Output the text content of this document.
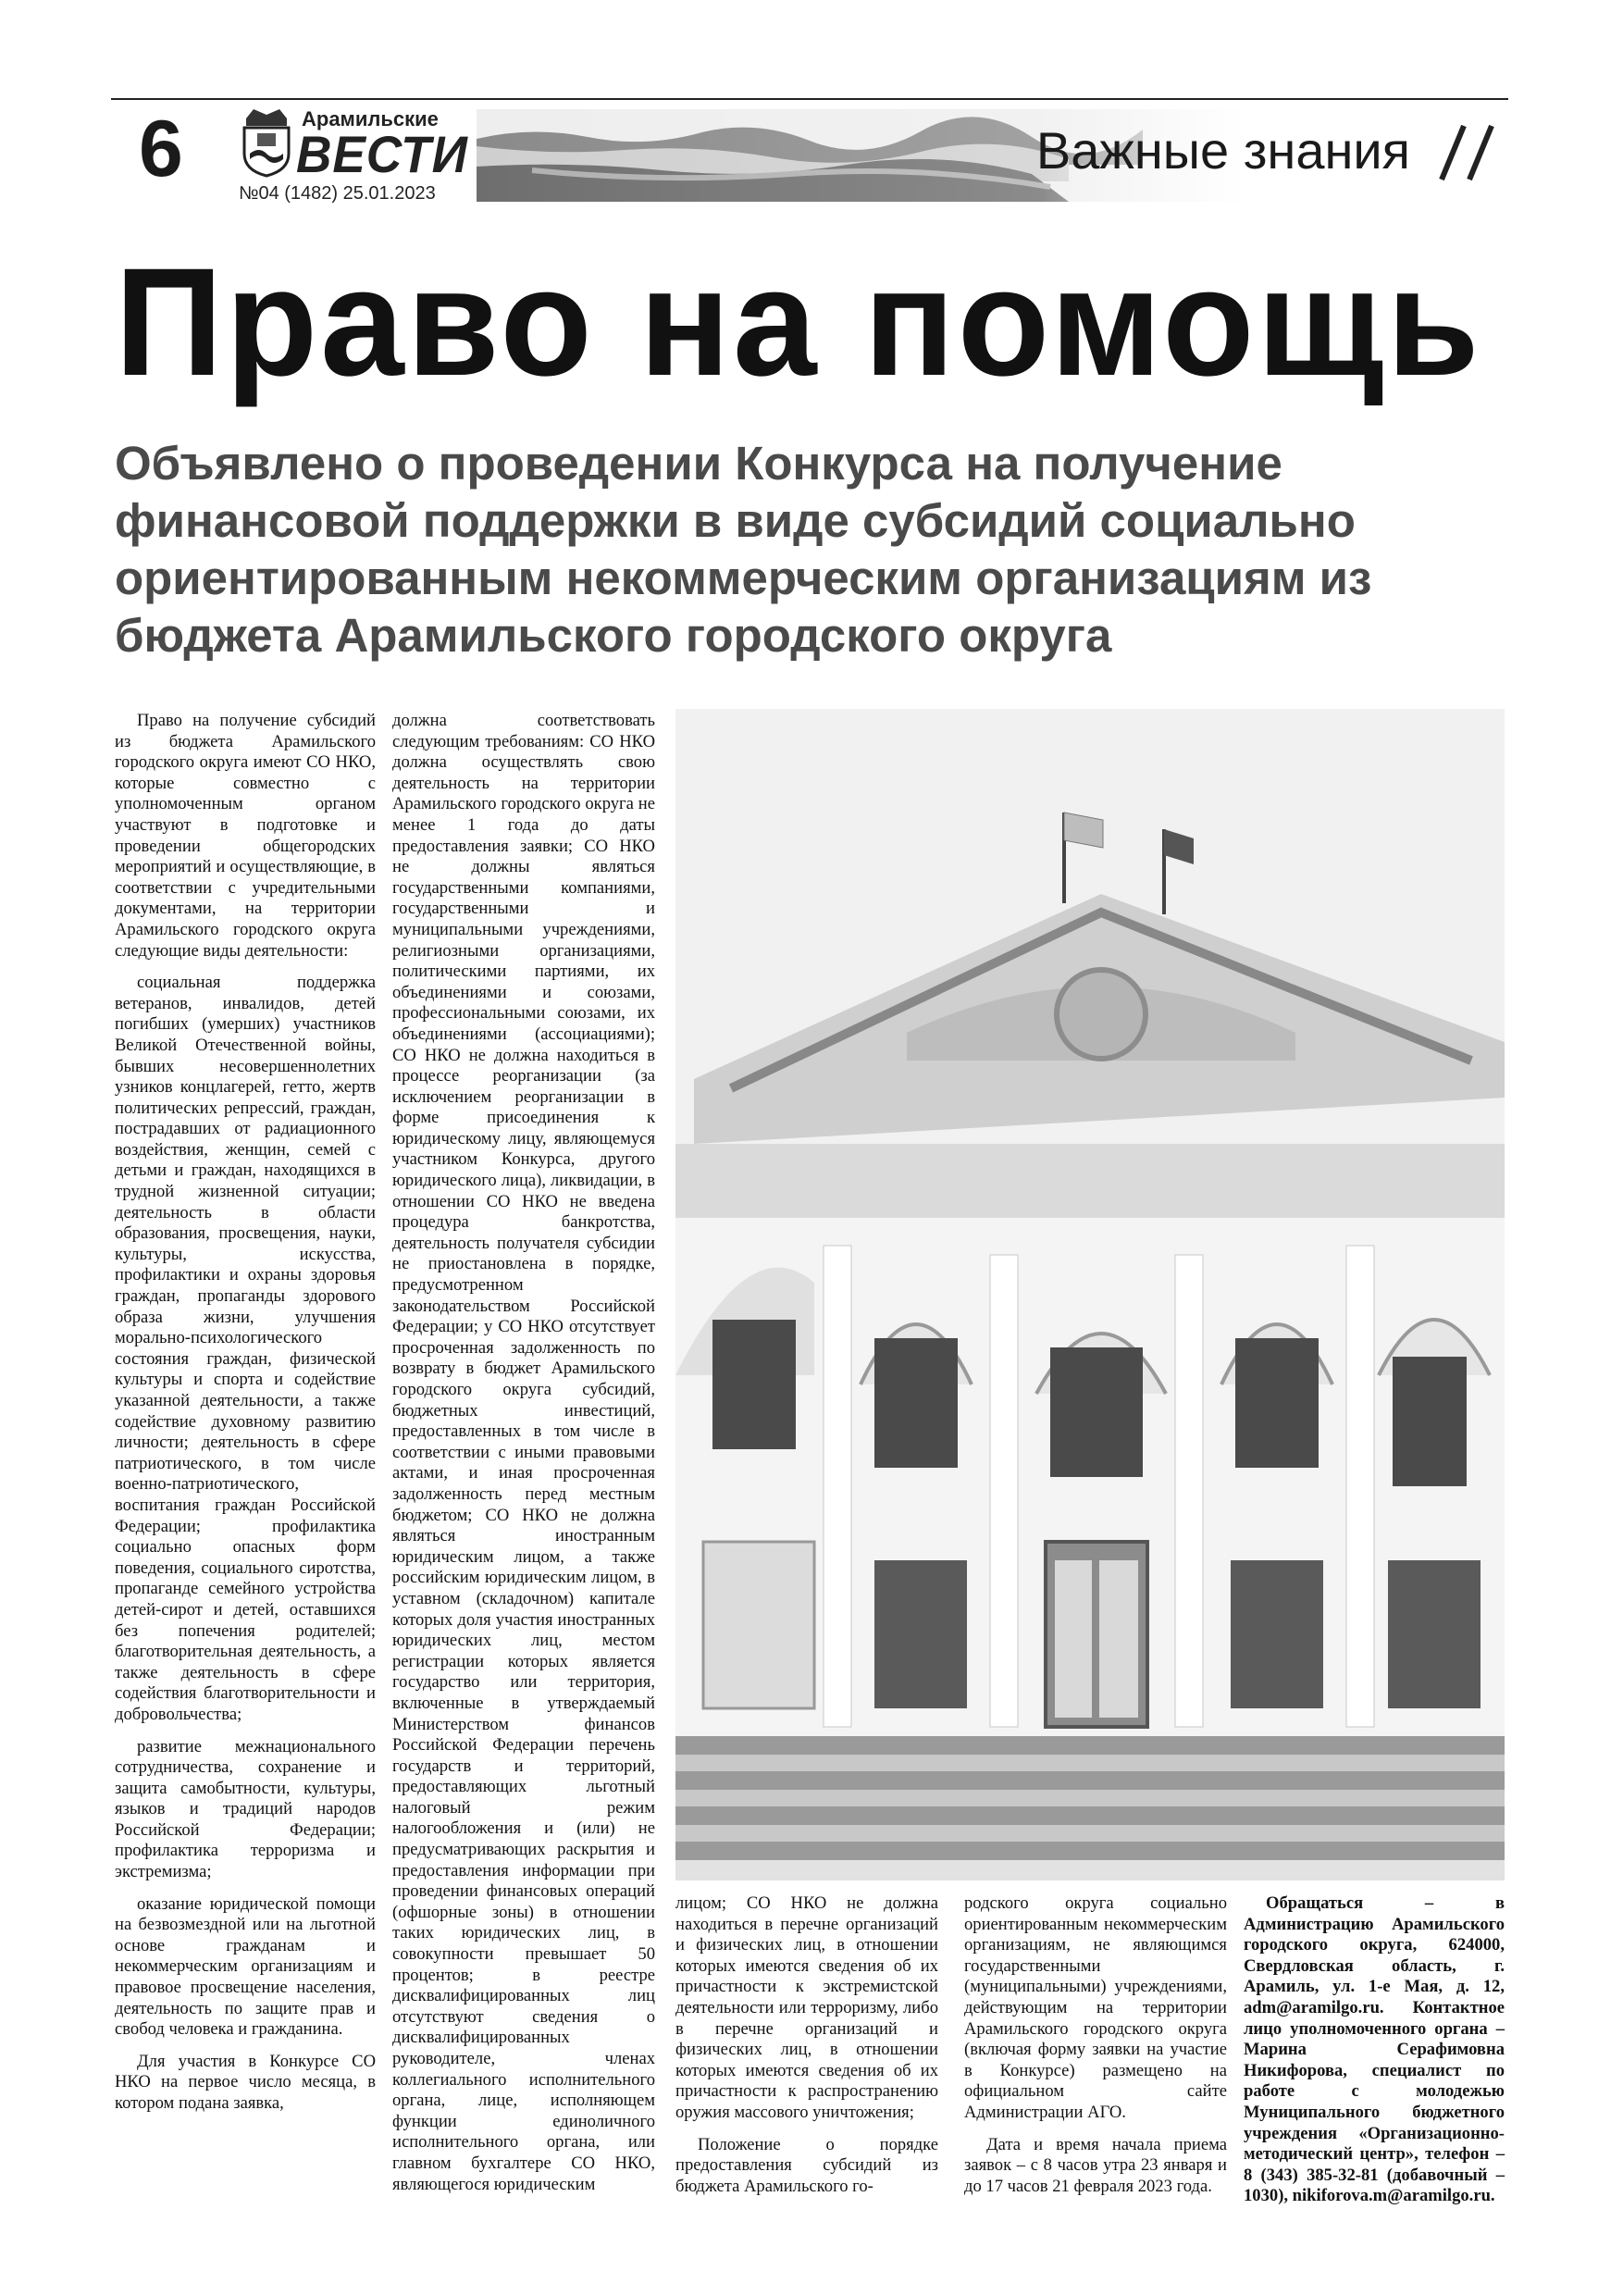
6	Арамильские
ВЕСТИ
№04 (1482) 25.01.2023
Важные знания
Право на помощь
Объявлено о проведении Конкурса на получение финансовой поддержки в виде субсидий социально ориентированным некоммерческим организациям из бюджета Арамильского городского округа

Право на получение субсидий из бюджета Арамильского городского округа имеют СО НКО, которые совместно с уполномоченным органом участвуют в подготовке и проведении общегородских мероприятий и осуществляющие, в соответствии с учредительными документами, на территории Арамильского городского округа следующие виды деятельности:

социальная поддержка ветеранов, инвалидов, детей погибших (умерших) участников Великой Отечественной войны, бывших несовершеннолетних узников концлагерей, гетто, жертв политических репрессий, граждан, пострадавших от радиационного воздействия, женщин, семей с детьми и граждан, находящихся в трудной жизненной ситуации; деятельность в области образования, просвещения, науки, культуры, искусства, профилактики и охраны здоровья граждан, пропаганды здорового образа жизни, улучшения морально-психологического состояния граждан, физической культуры и спорта и содействие указанной деятельности, а также содействие духовному развитию личности; деятельность в сфере патриотического, в том числе военно-патриотического, воспитания граждан Российской Федерации; профилактика социально опасных форм поведения, социального сиротства, пропаганде семейного устройства детей-сирот и детей, оставшихся без попечения родителей; благотворительная деятельность, а также деятельность в сфере содействия благотворительности и добровольчества;

развитие межнационального сотрудничества, сохранение и защита самобытности, культуры, языков и традиций народов Российской Федерации; профилактика терроризма и экстремизма;

оказание юридической помощи на безвозмездной или на льготной основе гражданам и некоммерческим организациям и правовое просвещение населения, деятельность по защите прав и свобод человека и гражданина.

Для участия в Конкурсе СО НКО на первое число месяца, в котором подана заявка,

должна соответствовать следующим требованиям: СО НКО должна осуществлять свою деятельность на территории Арамильского городского округа не менее 1 года до даты предоставления заявки; СО НКО не должны являться государственными компаниями, государственными и муниципальными учреждениями, религиозными организациями, политическими партиями, их объединениями и союзами, профессиональными союзами, их объединениями (ассоциациями); СО НКО не должна находиться в процессе реорганизации (за исключением реорганизации в форме присоединения к юридическому лицу, являющемуся участником Конкурса, другого юридического лица), ликвидации, в отношении СО НКО не введена процедура банкротства, деятельность получателя субсидии не приостановлена в порядке, предусмотренном законодательством Российской Федерации; у СО НКО отсутствует просроченная задолженность по возврату в бюджет Арамильского городского округа субсидий, бюджетных инвестиций, предоставленных в том числе в соответствии с иными правовыми актами, и иная просроченная задолженность перед местным бюджетом; СО НКО не должна являться иностранным юридическим лицом, а также российским юридическим лицом, в уставном (складочном) капитале которых доля участия иностранных юридических лиц, местом регистрации которых является государство или территория, включенные в утверждаемый Министерством финансов Российской Федерации перечень государств и территорий, предоставляющих льготный налоговый режим налогообложения и (или) не предусматривающих раскрытия и предоставления информации при проведении финансовых операций (офшорные зоны) в отношении таких юридических лиц, в совокупности превышает 50 процентов; в реестре дисквалифицированных лиц отсутствуют сведения о дисквалифицированных руководителе, членах коллегиального исполнительного органа, лице, исполняющем функции единоличного исполнительного органа, или главном бухгалтере СО НКО, являющегося юридическим

лицом; СО НКО не должна находиться в перечне организаций и физических лиц, в отношении которых имеются сведения об их причастности к экстремистской деятельности или терроризму, либо в перечне организаций и физических лиц, в отношении которых имеются сведения об их причастности к распространению оружия массового уничтожения;

Положение о порядке предоставления субсидий из бюджета Арамильского го-

родского округа социально ориентированным некоммерческим организациям, не являющимся государственными (муниципальными) учреждениями, действующим на территории Арамильского городского округа (включая форму заявки на участие в Конкурсе) размещено на официальном сайте Администрации АГО.

Дата и время начала приема заявок – с 8 часов утра 23 января и до 17 часов 21 февраля 2023 года.

Обращаться – в Администрацию Арамильского городского округа, 624000, Свердловская область, г. Арамиль, ул. 1-е Мая, д. 12, adm@aramilgo.ru. Контактное лицо уполномоченного органа – Марина Серафимовна Никифорова, специалист по работе с молодежью Муниципального бюджетного учреждения «Организационно-методический центр», телефон – 8 (343) 385-32-81 (добавочный – 1030), nikiforova.m@aramilgo.ru.
